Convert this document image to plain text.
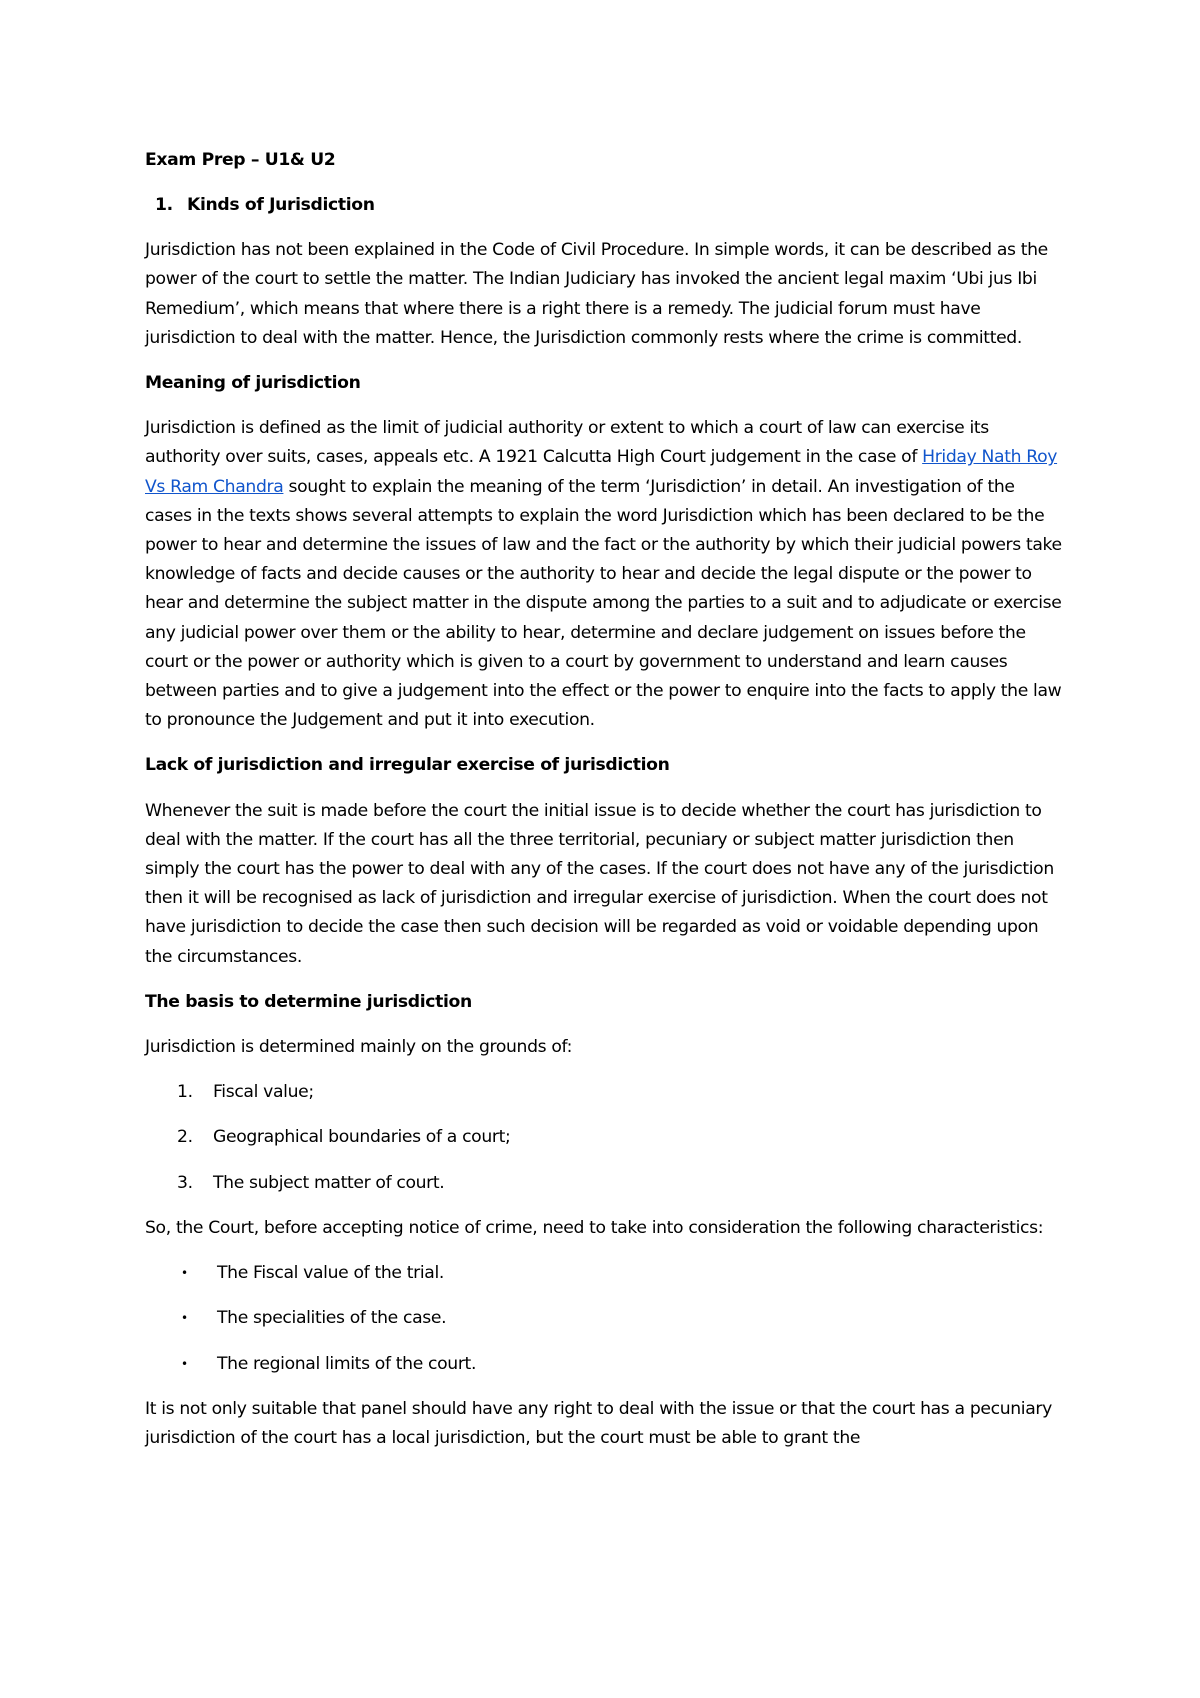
Exam Prep – U1& U2
1. Kinds of Jurisdiction

Jurisdiction has not been explained in the Code of Civil Procedure. In simple words, it can be described as the power of the court to settle the matter. The Indian Judiciary has invoked the ancient legal maxim ‘Ubi jus Ibi Remedium’, which means that where there is a right there is a remedy. The judicial forum must have jurisdiction to deal with the matter. Hence, the Jurisdiction commonly rests where the crime is committed.

Meaning of jurisdiction

Jurisdiction is defined as the limit of judicial authority or extent to which a court of law can exercise its authority over suits, cases, appeals etc. A 1921 Calcutta High Court judgement in the case of Hriday Nath Roy Vs Ram Chandra sought to explain the meaning of the term ‘Jurisdiction’ in detail. An investigation of the cases in the texts shows several attempts to explain the word Jurisdiction which has been declared to be the power to hear and determine the issues of law and the fact or the authority by which their judicial powers take knowledge of facts and decide causes or the authority to hear and decide the legal dispute or the power to hear and determine the subject matter in the dispute among the parties to a suit and to adjudicate or exercise any judicial power over them or the ability to hear, determine and declare judgement on issues before the court or the power or authority which is given to a court by government to understand and learn causes between parties and to give a judgement into the effect or the power to enquire into the facts to apply the law to pronounce the Judgement and put it into execution.

Lack of jurisdiction and irregular exercise of jurisdiction

Whenever the suit is made before the court the initial issue is to decide whether the court has jurisdiction to deal with the matter. If the court has all the three territorial, pecuniary or subject matter jurisdiction then simply the court has the power to deal with any of the cases. If the court does not have any of the jurisdiction then it will be recognised as lack of jurisdiction and irregular exercise of jurisdiction. When the court does not have jurisdiction to decide the case then such decision will be regarded as void or voidable depending upon the circumstances.

The basis to determine jurisdiction

Jurisdiction is determined mainly on the grounds of:

1.	Fiscal value;
2.	Geographical boundaries of a court;
3.	The subject matter of court.

So, the Court, before accepting notice of crime, need to take into consideration the following characteristics:

•	The Fiscal value of the trial.
•	The specialities of the case.
•	The regional limits of the court.

It is not only suitable that panel should have any right to deal with the issue or that the court has a pecuniary jurisdiction of the court has a local jurisdiction, but the court must be able to grant the
